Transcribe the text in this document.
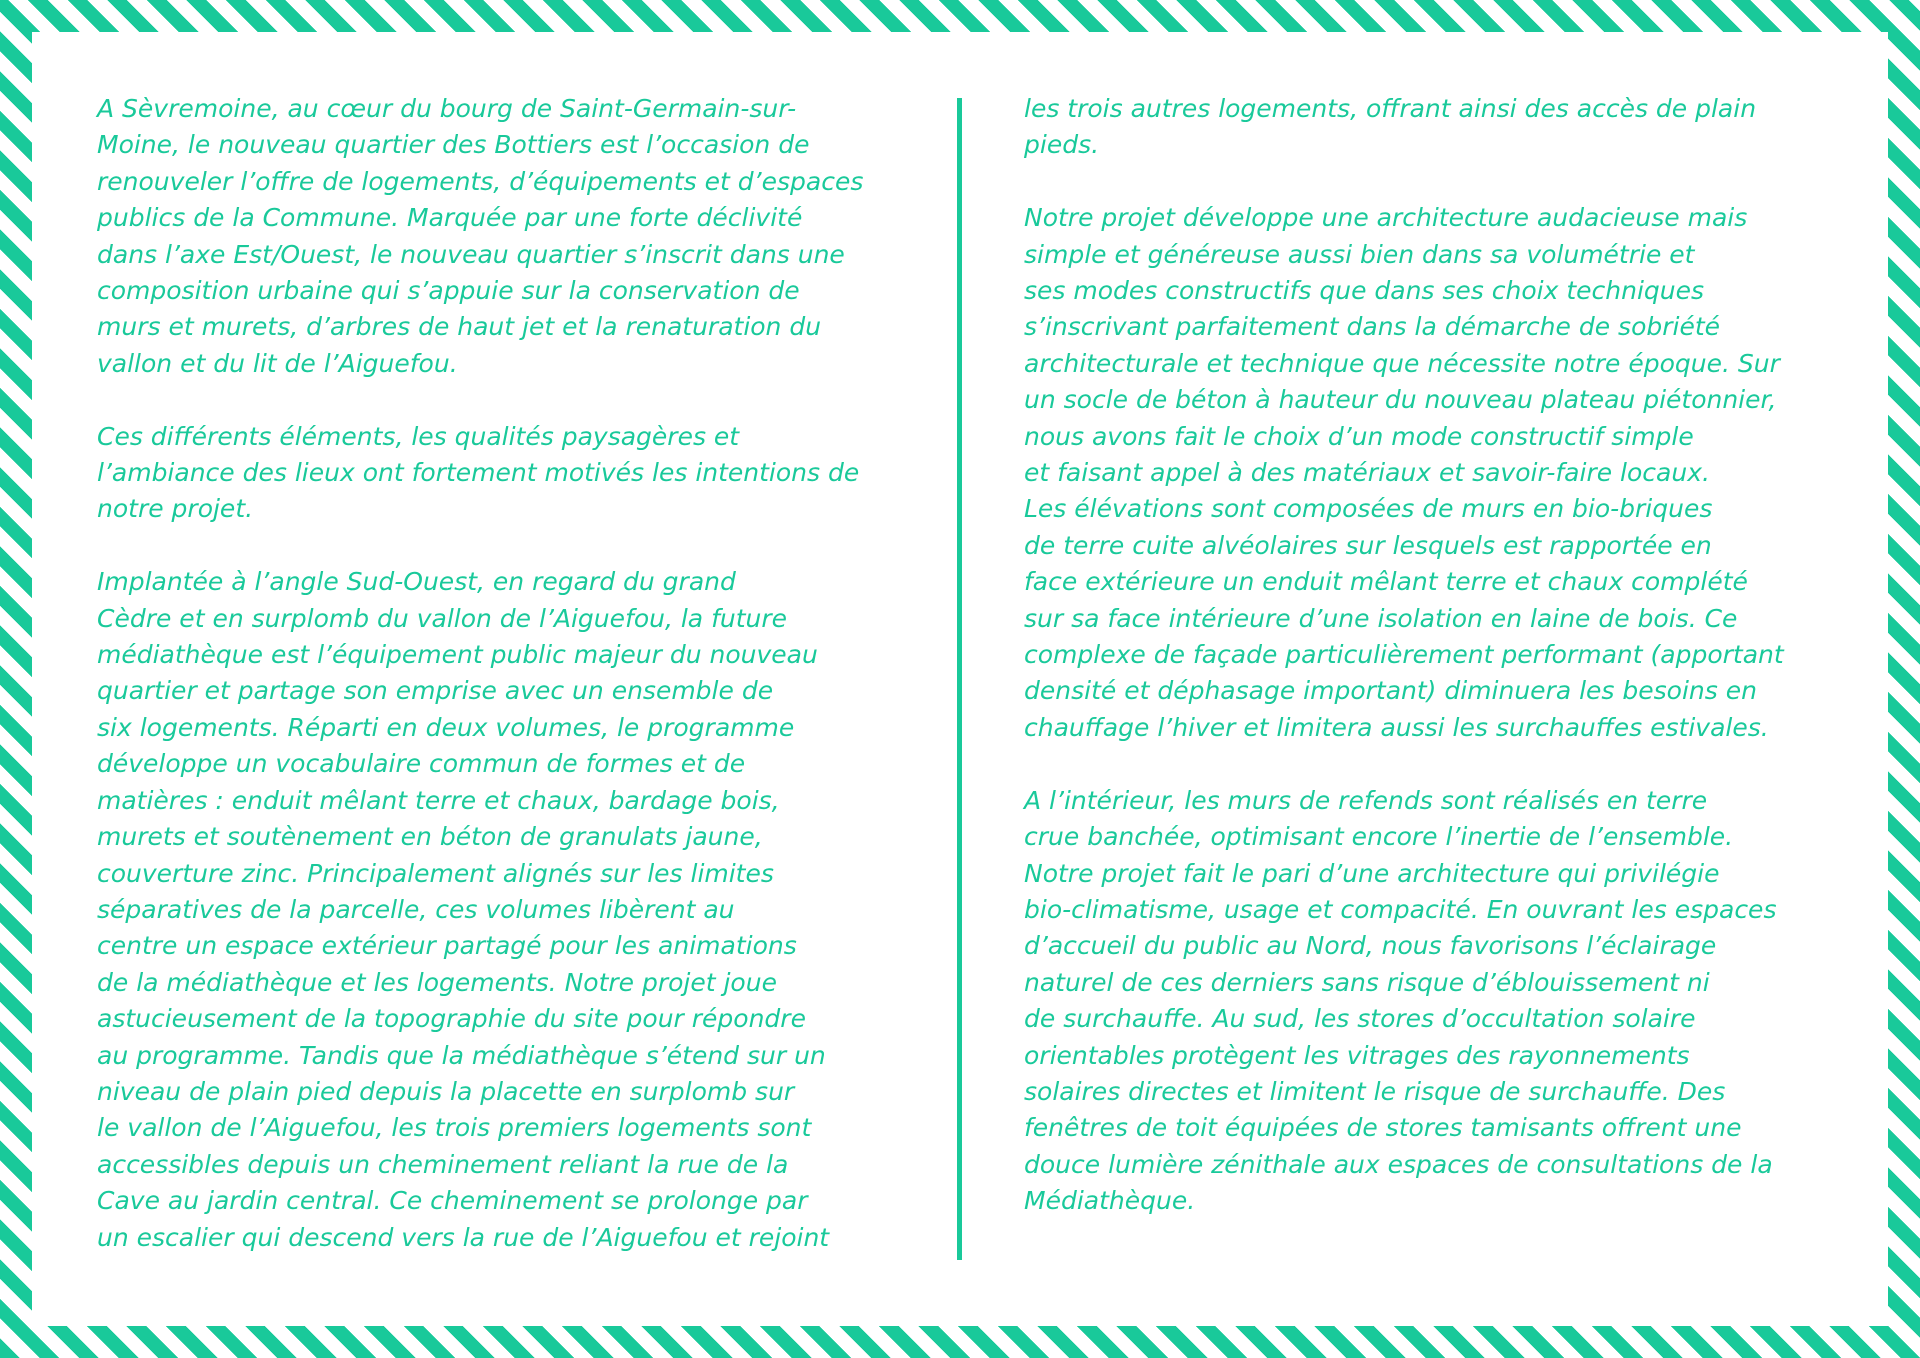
A Sèvremoine, au cœur du bourg de Saint-Germain-sur-
Moine, le nouveau quartier des Bottiers est l’occasion de
renouveler l’offre de logements, d’équipements et d’espaces
publics de la Commune. Marquée par une forte déclivité
dans l’axe Est/Ouest, le nouveau quartier s’inscrit dans une
composition urbaine qui s’appuie sur la conservation de
murs et murets, d’arbres de haut jet et la renaturation du
vallon et du lit de l’Aiguefou.

Ces différents éléments, les qualités paysagères et
l’ambiance des lieux ont fortement motivés les intentions de
notre projet.

Implantée à l’angle Sud-Ouest, en regard du grand
Cèdre et en surplomb du vallon de l’Aiguefou, la future
médiathèque est l’équipement public majeur du nouveau
quartier et partage son emprise avec un ensemble de
six logements. Réparti en deux volumes, le programme
développe un vocabulaire commun de formes et de
matières : enduit mêlant terre et chaux, bardage bois,
murets et soutènement en béton de granulats jaune,
couverture zinc. Principalement alignés sur les limites
séparatives de la parcelle, ces volumes libèrent au
centre un espace extérieur partagé pour les animations
de la médiathèque et les logements. Notre projet joue
astucieusement de la topographie du site pour répondre
au programme. Tandis que la médiathèque s’étend sur un
niveau de plain pied depuis la placette en surplomb sur
le vallon de l’Aiguefou, les trois premiers logements sont
accessibles depuis un cheminement reliant la rue de la
Cave au jardin central. Ce cheminement se prolonge par
un escalier qui descend vers la rue de l’Aiguefou et rejoint

les trois autres logements, offrant ainsi des accès de plain
pieds.

Notre projet développe une architecture audacieuse mais
simple et généreuse aussi bien dans sa volumétrie et
ses modes constructifs que dans ses choix techniques
s’inscrivant parfaitement dans la démarche de sobriété
architecturale et technique que nécessite notre époque. Sur
un socle de béton à hauteur du nouveau plateau piétonnier,
nous avons fait le choix d’un mode constructif simple
et faisant appel à des matériaux et savoir-faire locaux.
Les élévations sont composées de murs en bio-briques
de terre cuite alvéolaires sur lesquels est rapportée en
face extérieure un enduit mêlant terre et chaux complété
sur sa face intérieure d’une isolation en laine de bois. Ce
complexe de façade particulièrement performant (apportant
densité et déphasage important) diminuera les besoins en
chauffage l’hiver et limitera aussi les surchauffes estivales.

A l’intérieur, les murs de refends sont réalisés en terre
crue banchée, optimisant encore l’inertie de l’ensemble.
Notre projet fait le pari d’une architecture qui privilégie
bio-climatisme, usage et compacité. En ouvrant les espaces
d’accueil du public au Nord, nous favorisons l’éclairage
naturel de ces derniers sans risque d’éblouissement ni
de surchauffe. Au sud, les stores d’occultation solaire
orientables protègent les vitrages des rayonnements
solaires directes et limitent le risque de surchauffe. Des
fenêtres de toit équipées de stores tamisants offrent une
douce lumière zénithale aux espaces de consultations de la
Médiathèque.
